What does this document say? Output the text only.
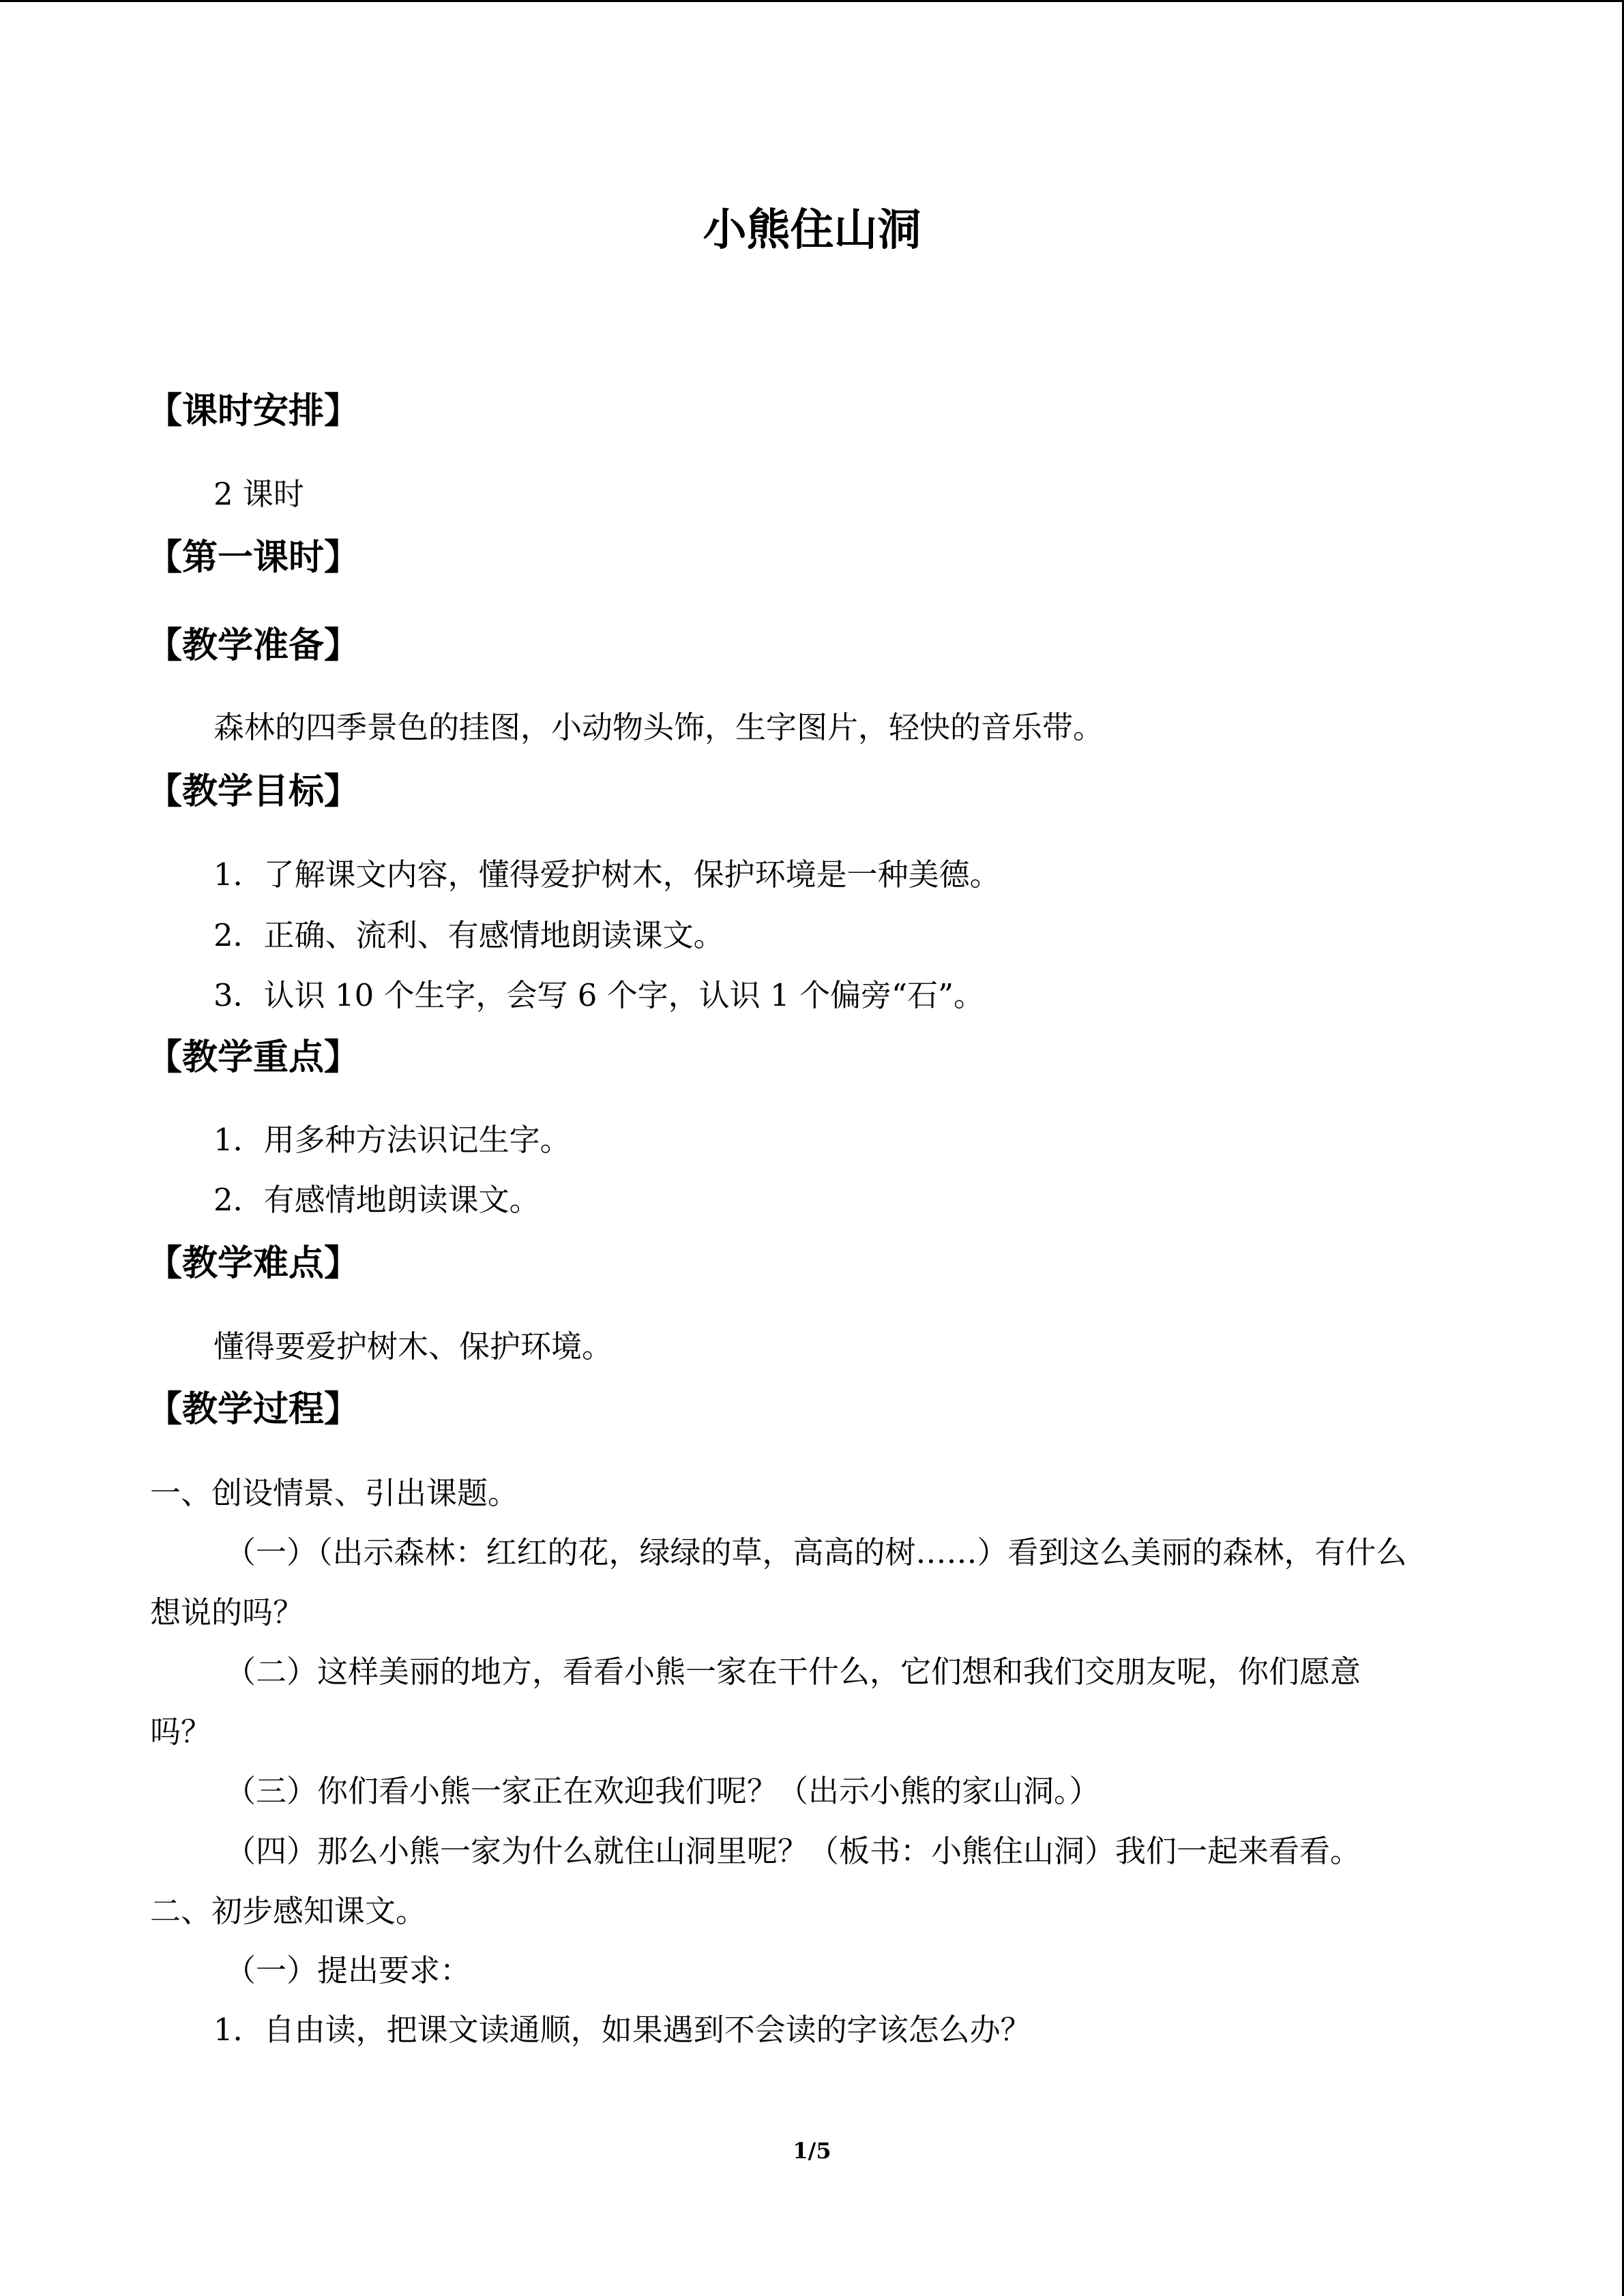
小熊住山洞
【课时安排】
2 课时
【第一课时】
【教学准备】
森林的四季景色的挂图，小动物头饰，生字图片，轻快的音乐带。
【教学目标】
1．了解课文内容，懂得爱护树木，保护环境是一种美德。
2．正确、流利、有感情地朗读课文。
3．认识 10 个生字，会写 6 个字，认识 1 个偏旁“石”。
【教学重点】
1．用多种方法识记生字。
2．有感情地朗读课文。
【教学难点】
懂得要爱护树木、保护环境。
【教学过程】
一、创设情景、引出课题。
（一）（出示森林：红红的花，绿绿的草，高高的树……）看到这么美丽的森林，有什么
想说的吗？
（二）这样美丽的地方，看看小熊一家在干什么，它们想和我们交朋友呢，你们愿意
吗？
（三）你们看小熊一家正在欢迎我们呢？（出示小熊的家山洞。）
（四）那么小熊一家为什么就住山洞里呢？（板书：小熊住山洞）我们一起来看看。
二、初步感知课文。
（一）提出要求：
1．自由读，把课文读通顺，如果遇到不会读的字该怎么办？
1/5
